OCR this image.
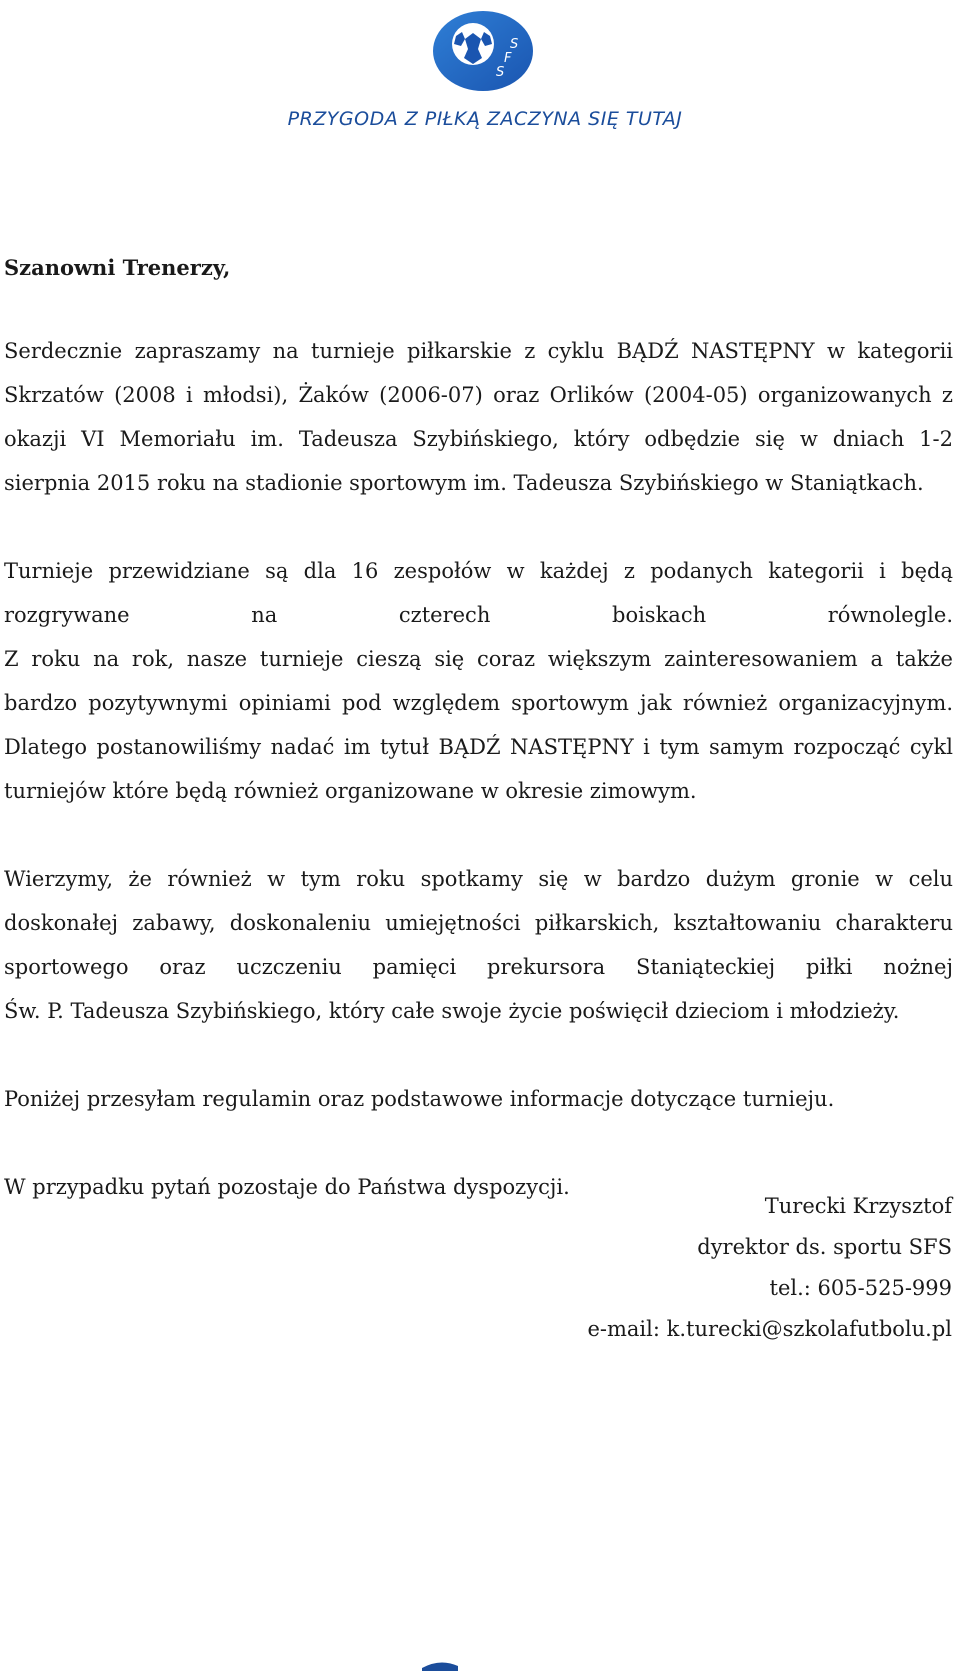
S
F
S
PRZYGODA Z PIŁKĄ ZACZYNA SIĘ TUTAJ

Szanowni Trenerzy,

Serdecznie zapraszamy na turnieje piłkarskie z cyklu BĄDŹ NASTĘPNY w kategorii Skrzatów (2008 i młodsi), Żaków (2006-07) oraz Orlików (2004-05) organizowanych z okazji VI Memoriału im. Tadeusza Szybińskiego, który odbędzie się w dniach 1-2 sierpnia 2015 roku na stadionie sportowym im. Tadeusza Szybińskiego w Staniątkach.

Turnieje przewidziane są dla 16 zespołów w każdej z podanych kategorii i będą
rozgrywane na czterech boiskach równolegle.
Z roku na rok, nasze turnieje cieszą się coraz większym zainteresowaniem a także bardzo pozytywnymi opiniami pod względem sportowym jak również organizacyjnym. Dlatego postanowiliśmy nadać im tytuł BĄDŹ NASTĘPNY i tym samym rozpocząć cykl turniejów które będą również organizowane w okresie zimowym.

Wierzymy, że również w tym roku spotkamy się w bardzo dużym gronie w celu
doskonałej zabawy, doskonaleniu umiejętności piłkarskich, kształtowaniu charakteru
sportowego oraz uczczeniu pamięci prekursora Staniąteckiej piłki nożnej
Św. P. Tadeusza Szybińskiego, który całe swoje życie poświęcił dzieciom i młodzieży.

Poniżej przesyłam regulamin oraz podstawowe informacje dotyczące turnieju.

W przypadku pytań pozostaje do Państwa dyspozycji.

Turecki Krzysztof
dyrektor ds. sportu SFS
tel.: 605-525-999
e-mail: k.turecki@szkolafutbolu.pl
